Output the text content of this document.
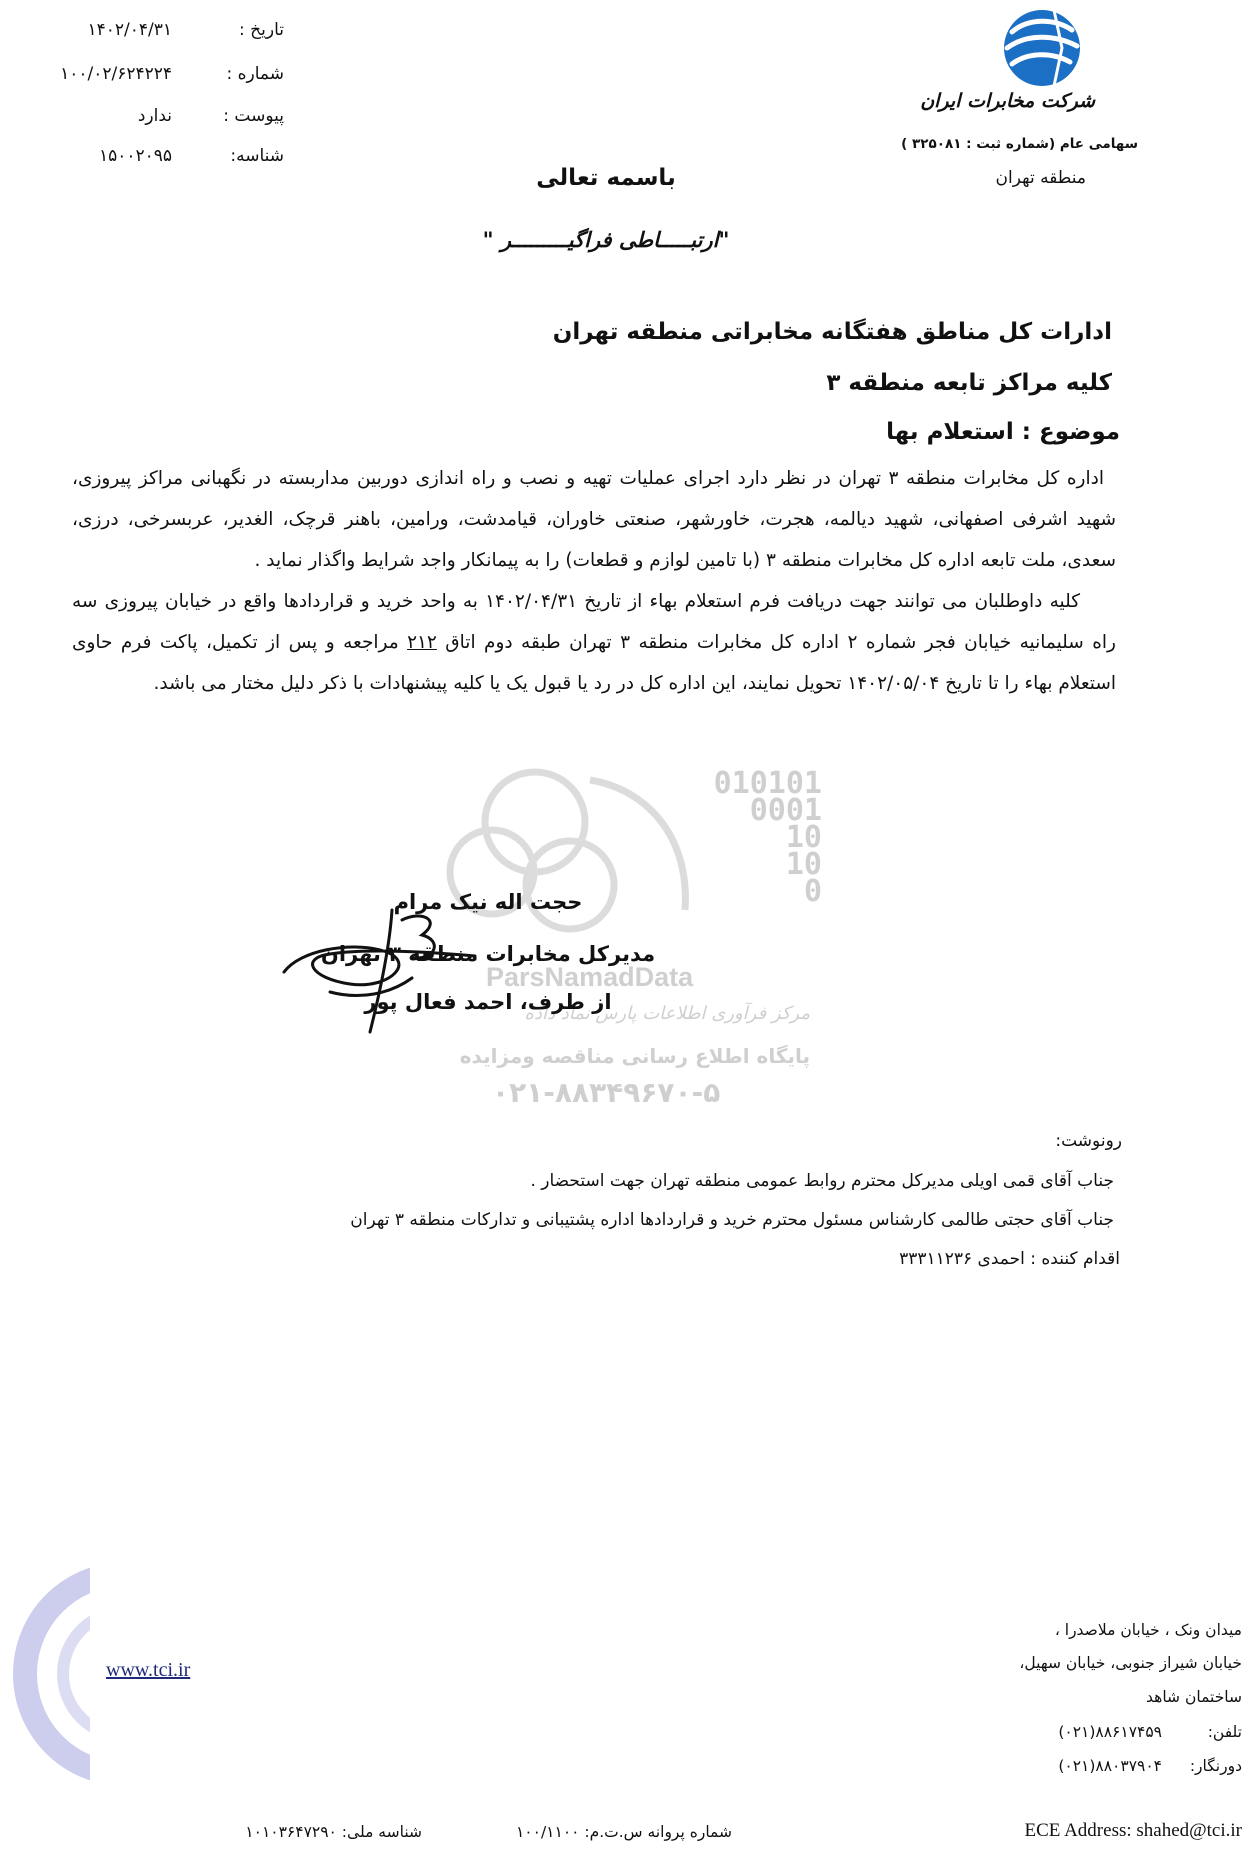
تاریخ :
۱۴۰۲/۰۴/۳۱
شماره :
۱۰۰/۰۲/۶۲۴۲۲۴
پیوست :
ندارد
شناسه:
۱۵۰۰۲۰۹۵
شرکت مخابرات ایران
سهامی عام (شماره ثبت : ۳۲۵۰۸۱ )
منطقه تهران
باسمه تعالی
"ارتبـــــاطی فراگیـــــــــر "
ادارات کل مناطق هفتگانه مخابراتی منطقه تهران
کلیه مراکز تابعه منطقه ۳
موضوع : استعلام بها
010101
0001
10
10
0
ParsNamadData
مرکز فرآوری اطلاعات پارس نماد داده
پایگاه اطلاع رسانی مناقصه ومزایده
۰۲۱-۸۸۳۴۹۶۷۰-۵

اداره کل مخابرات منطقه ۳ تهران در نظر دارد اجرای عملیات تهیه و نصب و راه اندازی دوربین مداربسته در نگهبانی مراکز پیروزی، شهید اشرفی اصفهانی، شهید دیالمه، هجرت، خاورشهر، صنعتی خاوران، قیامدشت، ورامین، باهنر قرچک، الغدیر، عربسرخی، درزی، سعدی، ملت تابعه اداره کل مخابرات منطقه ۳ (با تامین لوازم و قطعات) را به پیمانکار واجد شرایط واگذار نماید .

کلیه داوطلبان می توانند جهت دریافت فرم استعلام بهاء از تاریخ ۱۴۰۲/۰۴/۳۱ به واحد خرید و قراردادها واقع در خیابان پیروزی سه راه سلیمانیه خیابان فجر شماره ۲ اداره کل مخابرات منطقه ۳ تهران طبقه دوم اتاق ۲۱۲ مراجعه و پس از تکمیل، پاکت فرم حاوی استعلام بهاء را تا تاریخ ۱۴۰۲/۰۵/۰۴ تحویل نمایند، این اداره کل در رد یا قبول یک یا کلیه پیشنهادات با ذکر دلیل مختار می باشد.

حجت اله نیک مرام
مدیرکل مخابرات منطقه ۳ تهران
از طرف، احمد فعال پور
رونوشت:
جناب آقای قمی اویلی مدیرکل محترم روابط عمومی منطقه تهران جهت استحضار .
جناب آقای حجتی طالمی کارشناس مسئول محترم خرید و قراردادها اداره پشتیبانی و تدارکات منطقه ۳ تهران
اقدام کننده : احمدی ۳۳۳۱۱۲۳۶
www.tci.ir
میدان ونک ، خیابان ملاصدرا ،
خیابان شیراز جنوبی، خیابان سهیل،
ساختمان شاهد
تلفن:
(۰۲۱)۸۸۶۱۷۴۵۹
دورنگار:
(۰۲۱)۸۸۰۳۷۹۰۴
ECE Address: shahed@tci.ir
شماره پروانه س.ت.م: ۱۰۰/۱۱۰۰
شناسه ملی: ۱۰۱۰۳۶۴۷۲۹۰
